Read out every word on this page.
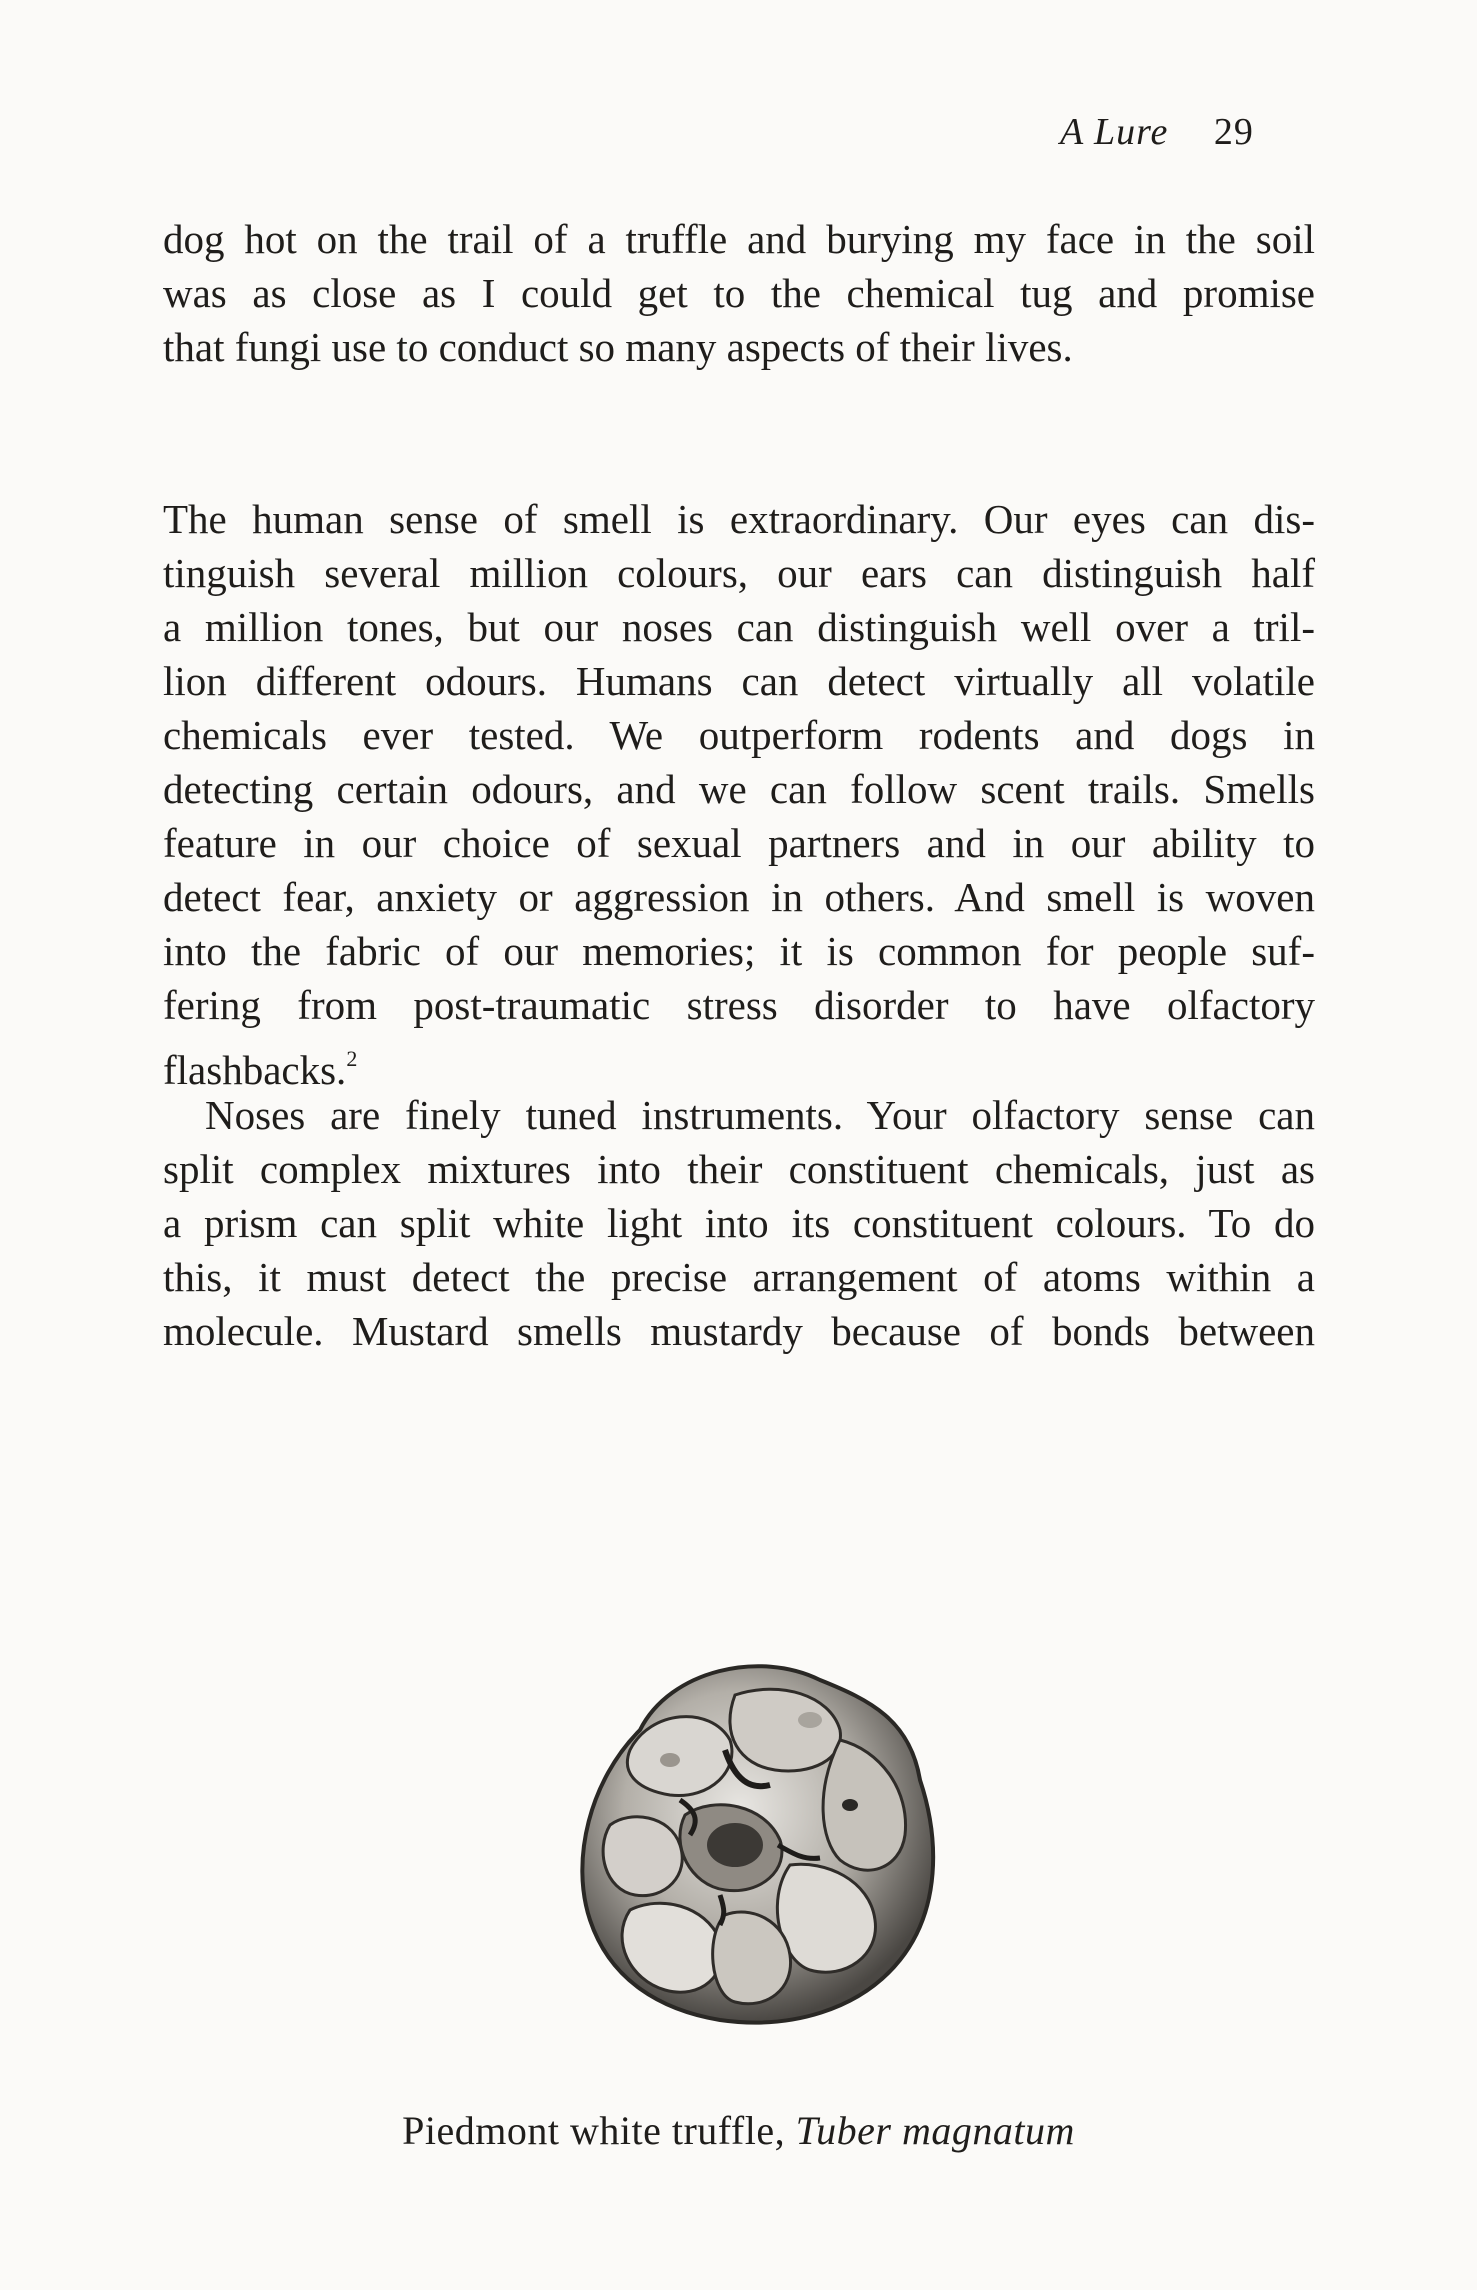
A Lure 29

dog hot on the trail of a truffle and burying my face in the soil
was as close as I could get to the chemical tug and promise
that fungi use to conduct so many aspects of their lives.

The human sense of smell is extraordinary. Our eyes can dis-
tinguish several million colours, our ears can distinguish half
a million tones, but our noses can distinguish well over a tril-
lion different odours. Humans can detect virtually all volatile
chemicals ever tested. We outperform rodents and dogs in
detecting certain odours, and we can follow scent trails. Smells
feature in our choice of sexual partners and in our ability to
detect fear, anxiety or aggression in others. And smell is woven
into the fabric of our memories; it is common for people suf-
fering from post-traumatic stress disorder to have olfactory
flashbacks.$^2$

Noses are finely tuned instruments. Your olfactory sense can
split complex mixtures into their constituent chemicals, just as
a prism can split white light into its constituent colours. To do
this, it must detect the precise arrangement of atoms within a
molecule. Mustard smells mustardy because of bonds between

Piedmont white truffle, Tuber magnatum
